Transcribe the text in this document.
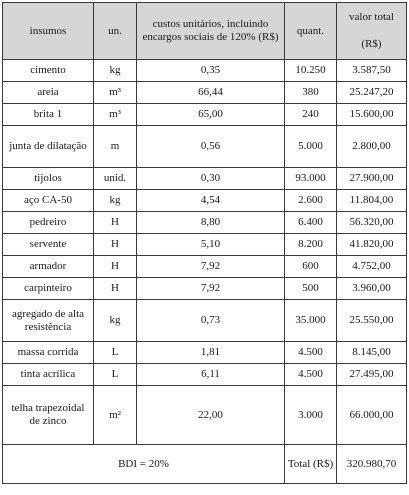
insumos	un.	custos unitários, incluindo encargos sociais de 120% (R$)	quant.	valor total
(R$)

cimento	kg	0,35	10.250	3.587,50
areia	m³	66,44	380	25.247,20
brita 1	m³	65,00	240	15.600,00
junta de dilatação	m	0,56	5.000	2.800,00
tijolos	unid.	0,30	93.000	27.900,00
aço CA-50	kg	4,54	2.600	11.804,00
pedreiro	H	8,80	6.400	56.320,00
servente	H	5,10	8.200	41.820,00
armador	H	7,92	600	4.752,00
carpinteiro	H	7,92	500	3.960,00
agregado de alta resistência	kg	0,73	35.000	25.550,00
massa corrida	L	1,81	4.500	8.145,00
tinta acrílica	L	6,11	4.500	27.495,00
telha trapezoidal de zinco	m²	22,00	3.000	66.000,00
BDI = 20%			Total (R$)	320.980,70
